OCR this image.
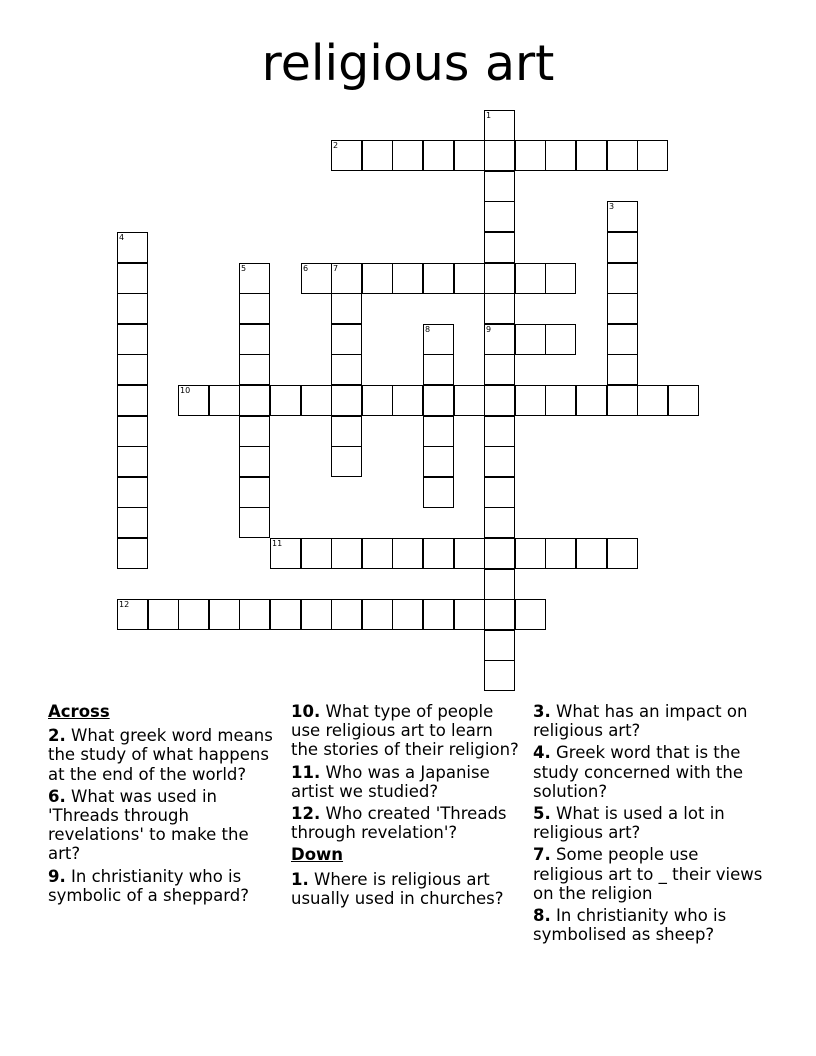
religious art
1
9
2
3
4
5	6	7
8
10
11
12
Across
2. What greek word means the study of what happens at the end of the world?
6. What was used in 'Threads through revelations' to make the art?
9. In christianity who is symbolic of a sheppard?
10. What type of people use religious art to learn the stories of their religion?
11. Who was a Japanise artist we studied?
12. Who created 'Threads through revelation'?
Down
1. Where is religious art usually used in churches?
3. What has an impact on religious art?
4. Greek word that is the study concerned with the solution?
5. What is used a lot in religious art?
7. Some people use religious art to _ their views on the religion
8. In christianity who is symbolised as sheep?
